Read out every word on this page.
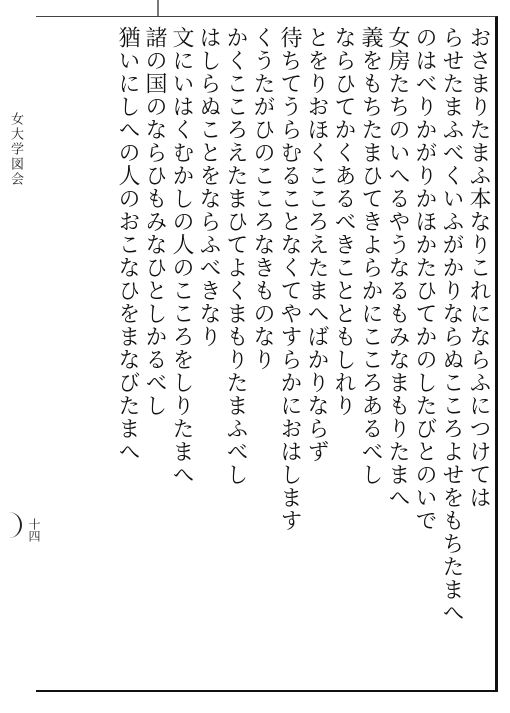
女大学図会
十四
おさまりたまふ本なりこれにならふにつけては
らせたまふべくいふがかりならぬこころよせをもちたまへ
のはべりかがりかほかたひてかのしたびとのいで
女房たちのいへるやうなるもみなまもりたまへ
義をもちたまひてきよらかにこころあるべし
ならひてかくあるべきことともしれり
とをりおほくこころえたまへばかりならず
待ちてうらむることなくてやすらかにおはします
くうたがひのこころなきものなり
かくこころえたまひてよくまもりたまふべし
はしらぬことをならふべきなり
文にいはくむかしの人のこころをしりたまへ
諸の国のならひもみなひとしかるべし
猶いにしへの人のおこなひをまなびたまへ
